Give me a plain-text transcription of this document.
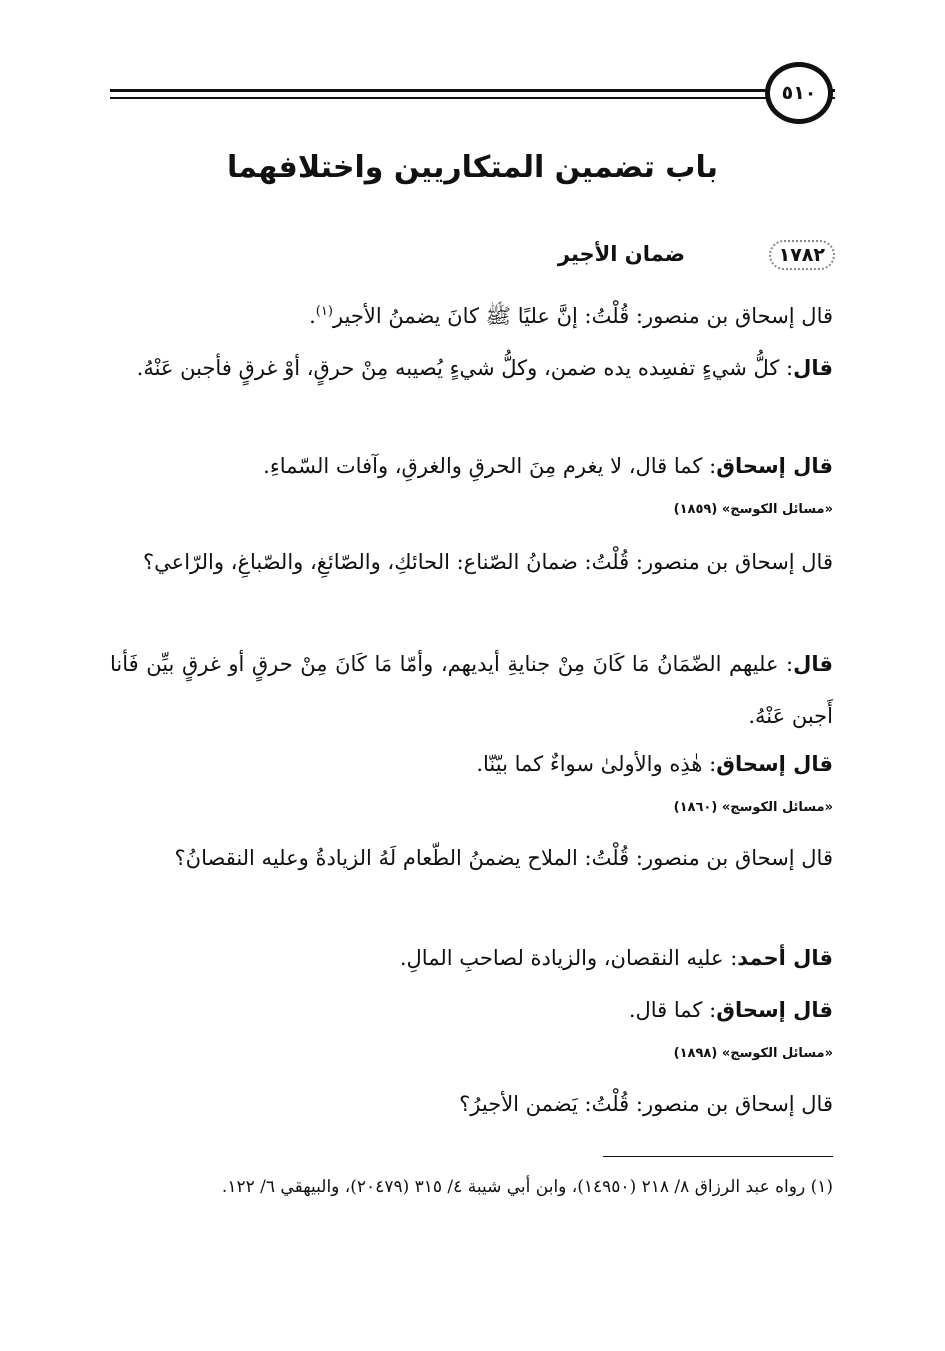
٥١٠
باب تضمين المتكاريين واختلافهما
١٧٨٢
ضمان الأجير
قال إسحاق بن منصور: قُلْتُ: إنَّ عليًا ﷺ كانَ يضمنُ الأجير$^{(١)}$.
قال: كلُّ شيءٍ تفسِده يده ضمن، وكلُّ شيءٍ يُصيبه مِنْ حرقٍ، أوْ غرقٍ فأجبن عَنْهُ.
قال إسحاق: كما قال، لا يغرم مِنَ الحرقِ والغرقِ، وآفات السّماءِ.
«مسائل الكوسج» (١٨٥٩)
قال إسحاق بن منصور: قُلْتُ: ضمانُ الصّناع: الحائكِ، والصّائغِ، والصّباغِ، والرّاعي؟
قال: عليهم الضّمَانُ مَا كَانَ مِنْ جنايةِ أيديهم، وأمّا مَا كَانَ مِنْ حرقٍ أو غرقٍ بيِّن فَأنا أَجبن عَنْهُ.
قال إسحاق: هٰذِه والأولىٰ سواءٌ كما بيّنّا.
«مسائل الكوسج» (١٨٦٠)
قال إسحاق بن منصور: قُلْتُ: الملاح يضمنُ الطّعام لَهُ الزيادةُ وعليه النقصانُ؟
قال أحمد: عليه النقصان، والزيادة لصاحبِ المالِ.
قال إسحاق: كما قال.
«مسائل الكوسج» (١٨٩٨)
قال إسحاق بن منصور: قُلْتُ: يَضمن الأجيرُ؟
(١) رواه عبد الرزاق ٨/ ٢١٨ (١٤٩٥٠)، وابن أبي شيبة ٤/ ٣١٥ (٢٠٤٧٩)، والبيهقي ٦/ ١٢٢.
